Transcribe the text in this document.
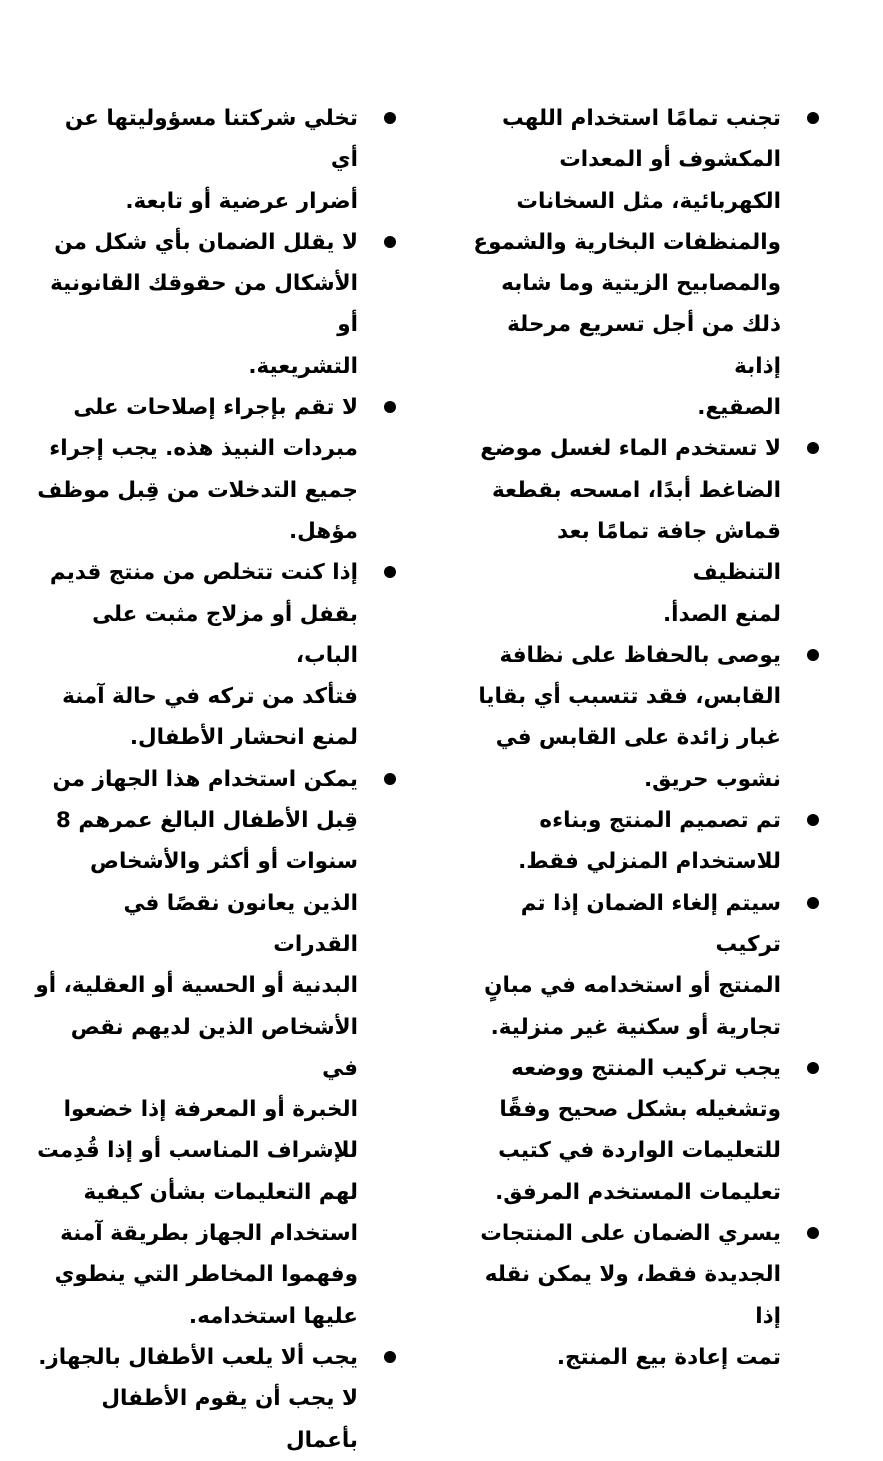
تجنب تمامًا استخدام اللهب
المكشوف أو المعدات
الكهربائية، مثل السخانات
والمنظفات البخارية والشموع
والمصابيح الزيتية وما شابه
ذلك من أجل تسريع مرحلة إذابة
الصقيع.
لا تستخدم الماء لغسل موضع
الضاغط أبدًا، امسحه بقطعة
قماش جافة تمامًا بعد التنظيف
لمنع الصدأ.
يوصى بالحفاظ على نظافة
القابس، فقد تتسبب أي بقايا
غبار زائدة على القابس في
نشوب حريق.
تم تصميم المنتج وبناءه
للاستخدام المنزلي فقط.
سيتم إلغاء الضمان إذا تم تركيب
المنتج أو استخدامه في مبانٍ
تجارية أو سكنية غير منزلية.
يجب تركيب المنتج ووضعه
وتشغيله بشكل صحيح وفقًا
للتعليمات الواردة في كتيب
تعليمات المستخدم المرفق.
يسري الضمان على المنتجات
الجديدة فقط، ولا يمكن نقله إذا
تمت إعادة بيع المنتج.
تخلي شركتنا مسؤوليتها عن أي
أضرار عرضية أو تابعة.
لا يقلل الضمان بأي شكل من
الأشكال من حقوقك القانونية أو
التشريعية.
لا تقم بإجراء إصلاحات على
مبردات النبيذ هذه. يجب إجراء
جميع التدخلات من قِبل موظف
مؤهل.
إذا كنت تتخلص من منتج قديم
بقفل أو مزلاج مثبت على الباب،
فتأكد من تركه في حالة آمنة
لمنع انحشار الأطفال.
يمكن استخدام هذا الجهاز من
قِبل الأطفال البالغ عمرهم 8
سنوات أو أكثر والأشخاص
الذين يعانون نقصًا في القدرات
البدنية أو الحسية أو العقلية، أو
الأشخاص الذين لديهم نقص في
الخبرة أو المعرفة إذا خضعوا
للإشراف المناسب أو إذا قُدِمت
لهم التعليمات بشأن كيفية
استخدام الجهاز بطريقة آمنة
وفهموا المخاطر التي ينطوي
عليها استخدامه.
يجب ألا يلعب الأطفال بالجهاز.
لا يجب أن يقوم الأطفال بأعمال
